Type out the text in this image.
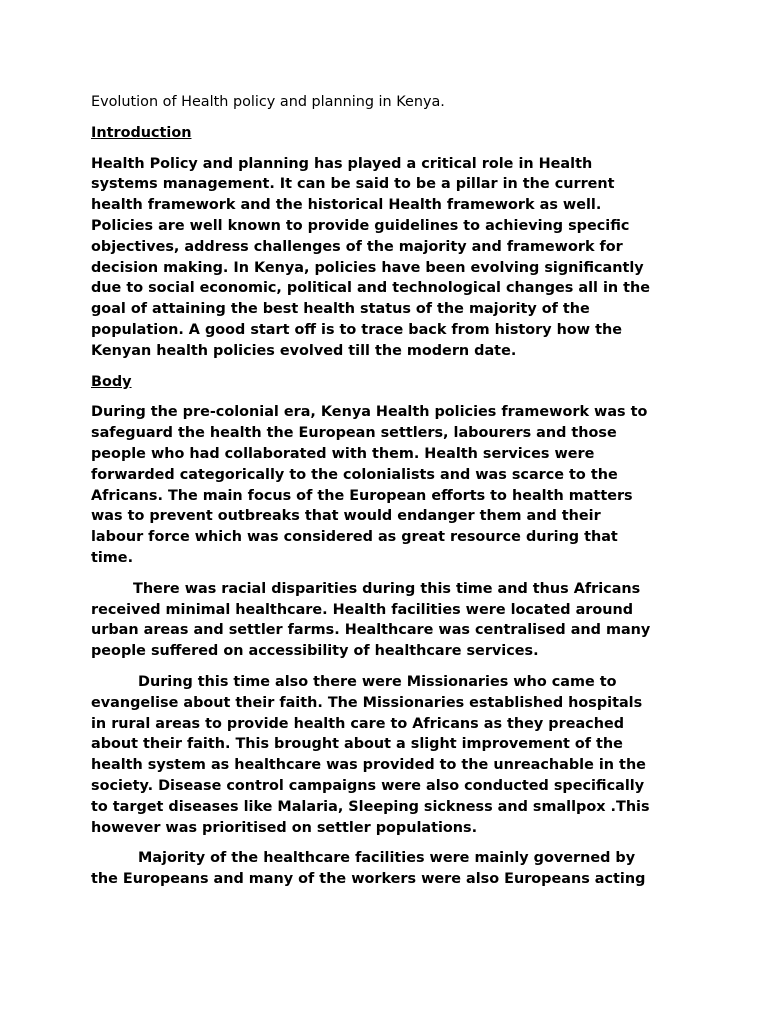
Evolution of Health policy and planning in Kenya.
Introduction
Health Policy and planning has played a critical role in Health
systems management. It can be said to be a pillar in the current
health framework and the historical Health framework as well.
Policies are well known to provide guidelines to achieving specific
objectives, address challenges of the majority and framework for
decision making. In Kenya, policies have been evolving significantly
due to social economic, political and technological changes all in the
goal of attaining the best health status of the majority of the
population. A good start off is to trace back from history how the
Kenyan health policies evolved till the modern date.
Body
During the pre-colonial era, Kenya Health policies framework was to
safeguard the health the European settlers, labourers and those
people who had collaborated with them. Health services were
forwarded categorically to the colonialists and was scarce to the
Africans. The main focus of the European efforts to health matters
was to prevent outbreaks that would endanger them and their
labour force which was considered as great resource during that
time.
There was racial disparities during this time and thus Africans
received minimal healthcare. Health facilities were located around
urban areas and settler farms. Healthcare was centralised and many
people suffered on accessibility of healthcare services.
During this time also there were Missionaries who came to
evangelise about their faith. The Missionaries established hospitals
in rural areas to provide health care to Africans as they preached
about their faith. This brought about a slight improvement of the
health system as healthcare was provided to the unreachable in the
society. Disease control campaigns were also conducted specifically
to target diseases like Malaria, Sleeping sickness and smallpox .This
however was prioritised on settler populations.
Majority of the healthcare facilities were mainly governed by
the Europeans and many of the workers were also Europeans acting
